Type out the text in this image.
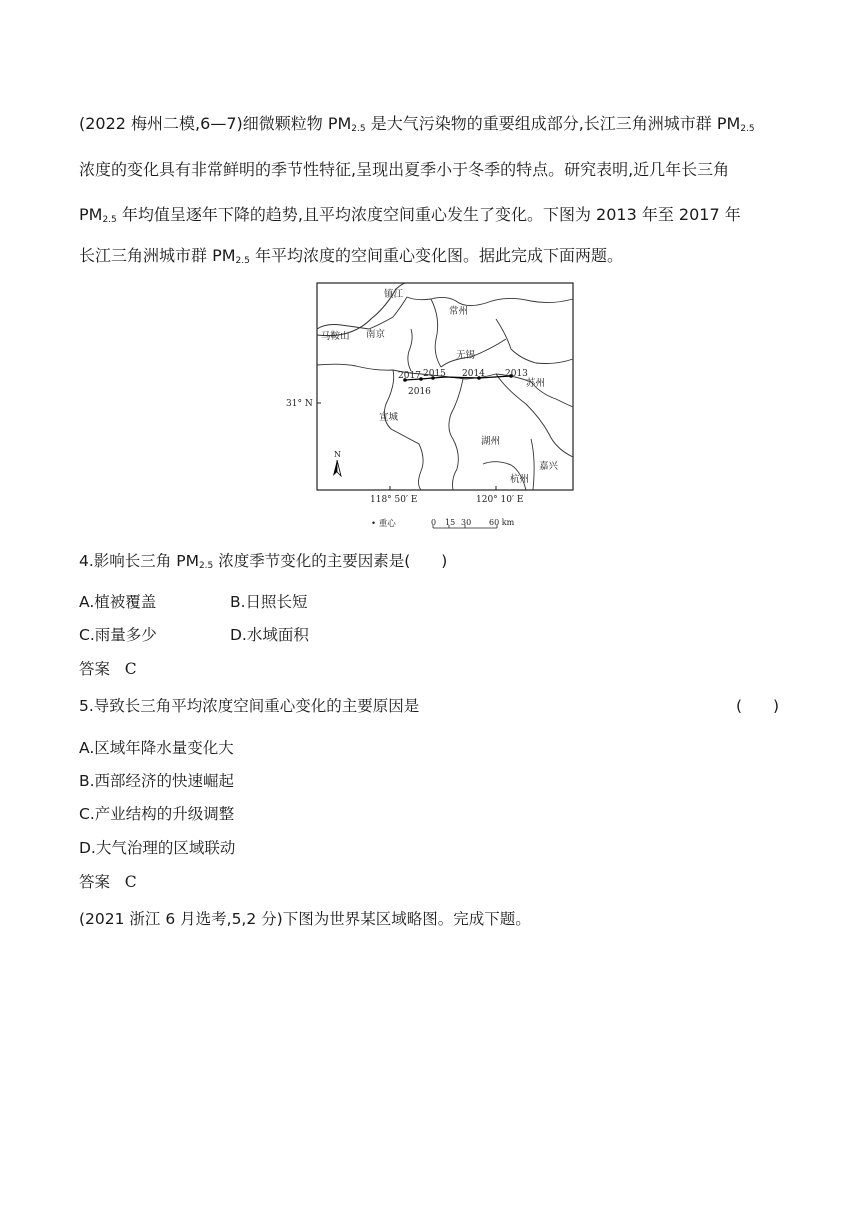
(2022 梅州二模,6—7)细微颗粒物 $PM_{2.5}$ 是大气污染物的重要组成部分,长江三角洲城市群 $PM_{2.5}$
浓度的变化具有非常鲜明的季节性特征,呈现出夏季小于冬季的特点。研究表明,近几年长三角
$PM_{2.5}$ 年均值呈逐年下降的趋势,且平均浓度空间重心发生了变化。下图为 2013 年至 2017 年
长江三角洲城市群 $PM_{2.5}$ 年平均浓度的空间重心变化图。据此完成下面两题。
镇江
常州
马鞍山 南京
无锡
苏州
宣城
湖州
杭州
嘉兴
2017 2015
2016
2014 2013
31° N
118° 50′ E	120° 10′ E
N
• 重心	0 15 30 60 km
4.影响长三角 $PM_{2.5}$ 浓度季节变化的主要因素是(　　)
A.植被覆盖	B.日照长短
C.雨量多少	D.水域面积
答案 C
5.导致长三角平均浓度空间重心变化的主要原因是	(　　)
A.区域年降水量变化大
B.西部经济的快速崛起
C.产业结构的升级调整
D.大气治理的区域联动
答案 C
(2021 浙江 6 月选考,5,2 分)下图为世界某区域略图。完成下题。
